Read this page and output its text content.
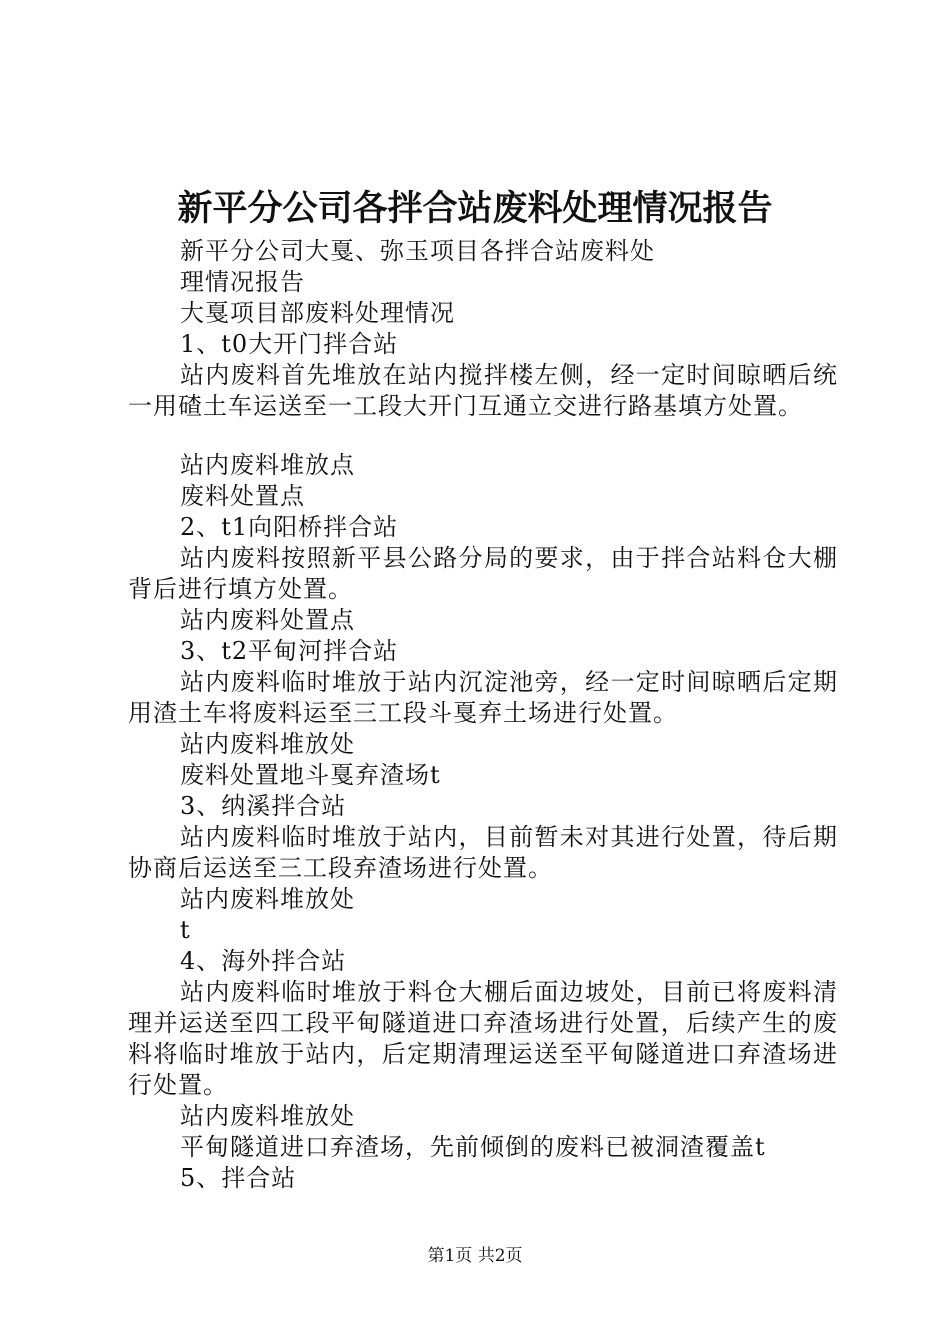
新平分公司各拌合站废料处理情况报告

新平分公司大戛、弥玉项目各拌合站废料处

理情况报告

大戛项目部废料处理情况

1、t0大开门拌合站

站内废料首先堆放在站内搅拌楼左侧，经一定时间晾晒后统一用碴土车运送至一工段大开门互通立交进行路基填方处置。

站内废料堆放点

废料处置点

2、t1向阳桥拌合站

站内废料按照新平县公路分局的要求，由于拌合站料仓大棚背后进行填方处置。

站内废料处置点

3、t2平甸河拌合站

站内废料临时堆放于站内沉淀池旁，经一定时间晾晒后定期用渣土车将废料运至三工段斗戛弃土场进行处置。

站内废料堆放处

废料处置地斗戛弃渣场t

3、纳溪拌合站

站内废料临时堆放于站内，目前暂未对其进行处置，待后期协商后运送至三工段弃渣场进行处置。

站内废料堆放处

t

4、海外拌合站

站内废料临时堆放于料仓大棚后面边坡处，目前已将废料清理并运送至四工段平甸隧道进口弃渣场进行处置，后续产生的废料将临时堆放于站内，后定期清理运送至平甸隧道进口弃渣场进行处置。

站内废料堆放处

平甸隧道进口弃渣场，先前倾倒的废料已被洞渣覆盖t

5、拌合站

第1页 共2页
